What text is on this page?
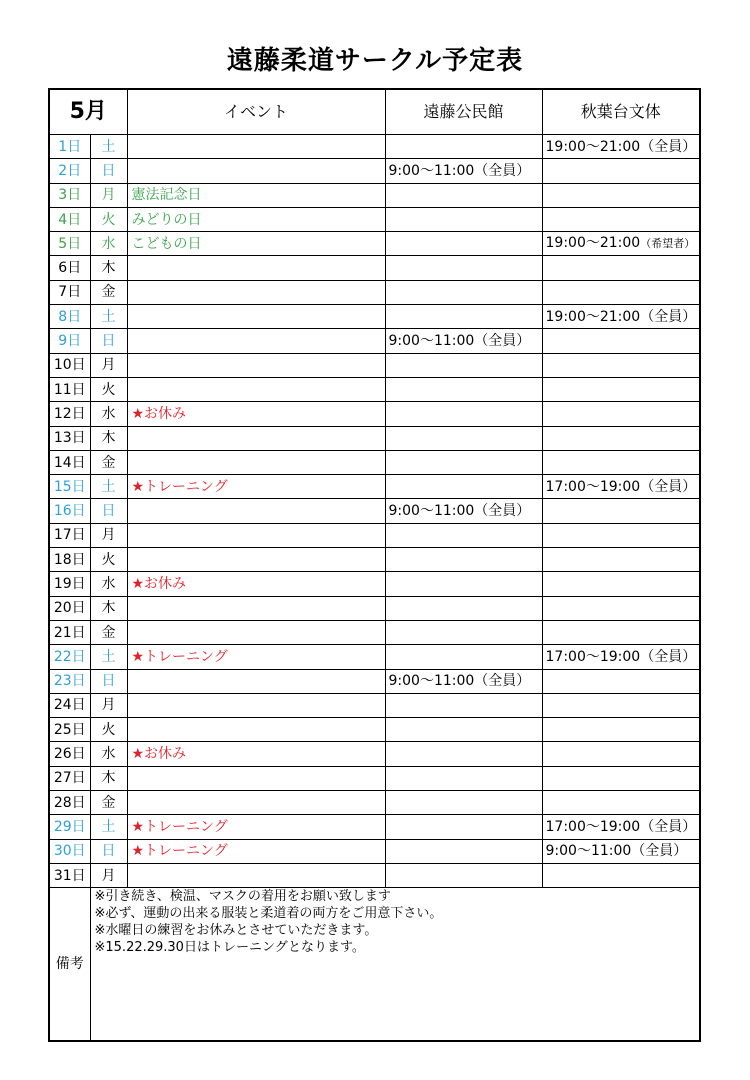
遠藤柔道サークル予定表
5月		イベント	遠藤公民館	秋葉台文体
1日	土			19:00〜21:00（全員）
2日	日		9:00〜11:00（全員）	
3日	月	憲法記念日		
4日	火	みどりの日		
5日	水	こどもの日		19:00〜21:00（希望者）
6日	木			
7日	金			
8日	土			19:00〜21:00（全員）
9日	日		9:00〜11:00（全員）	
10日	月			
11日	火			
12日	水	★お休み		
13日	木			
14日	金			
15日	土	★トレーニング		17:00〜19:00（全員）
16日	日		9:00〜11:00（全員）	
17日	月			
18日	火			
19日	水	★お休み		
20日	木			
21日	金			
22日	土	★トレーニング		17:00〜19:00（全員）
23日	日		9:00〜11:00（全員）	
24日	月			
25日	火			
26日	水	★お休み		
27日	木			
28日	金			
29日	土	★トレーニング		17:00〜19:00（全員）
30日	日	★トレーニング		9:00〜11:00（全員）
31日	月			
備考	※引き続き、検温、マスクの着用をお願い致します
※必ず、運動の出来る服装と柔道着の両方をご用意下さい。
※水曜日の練習をお休みとさせていただきます。
※15.22.29.30日はトレーニングとなります。			
